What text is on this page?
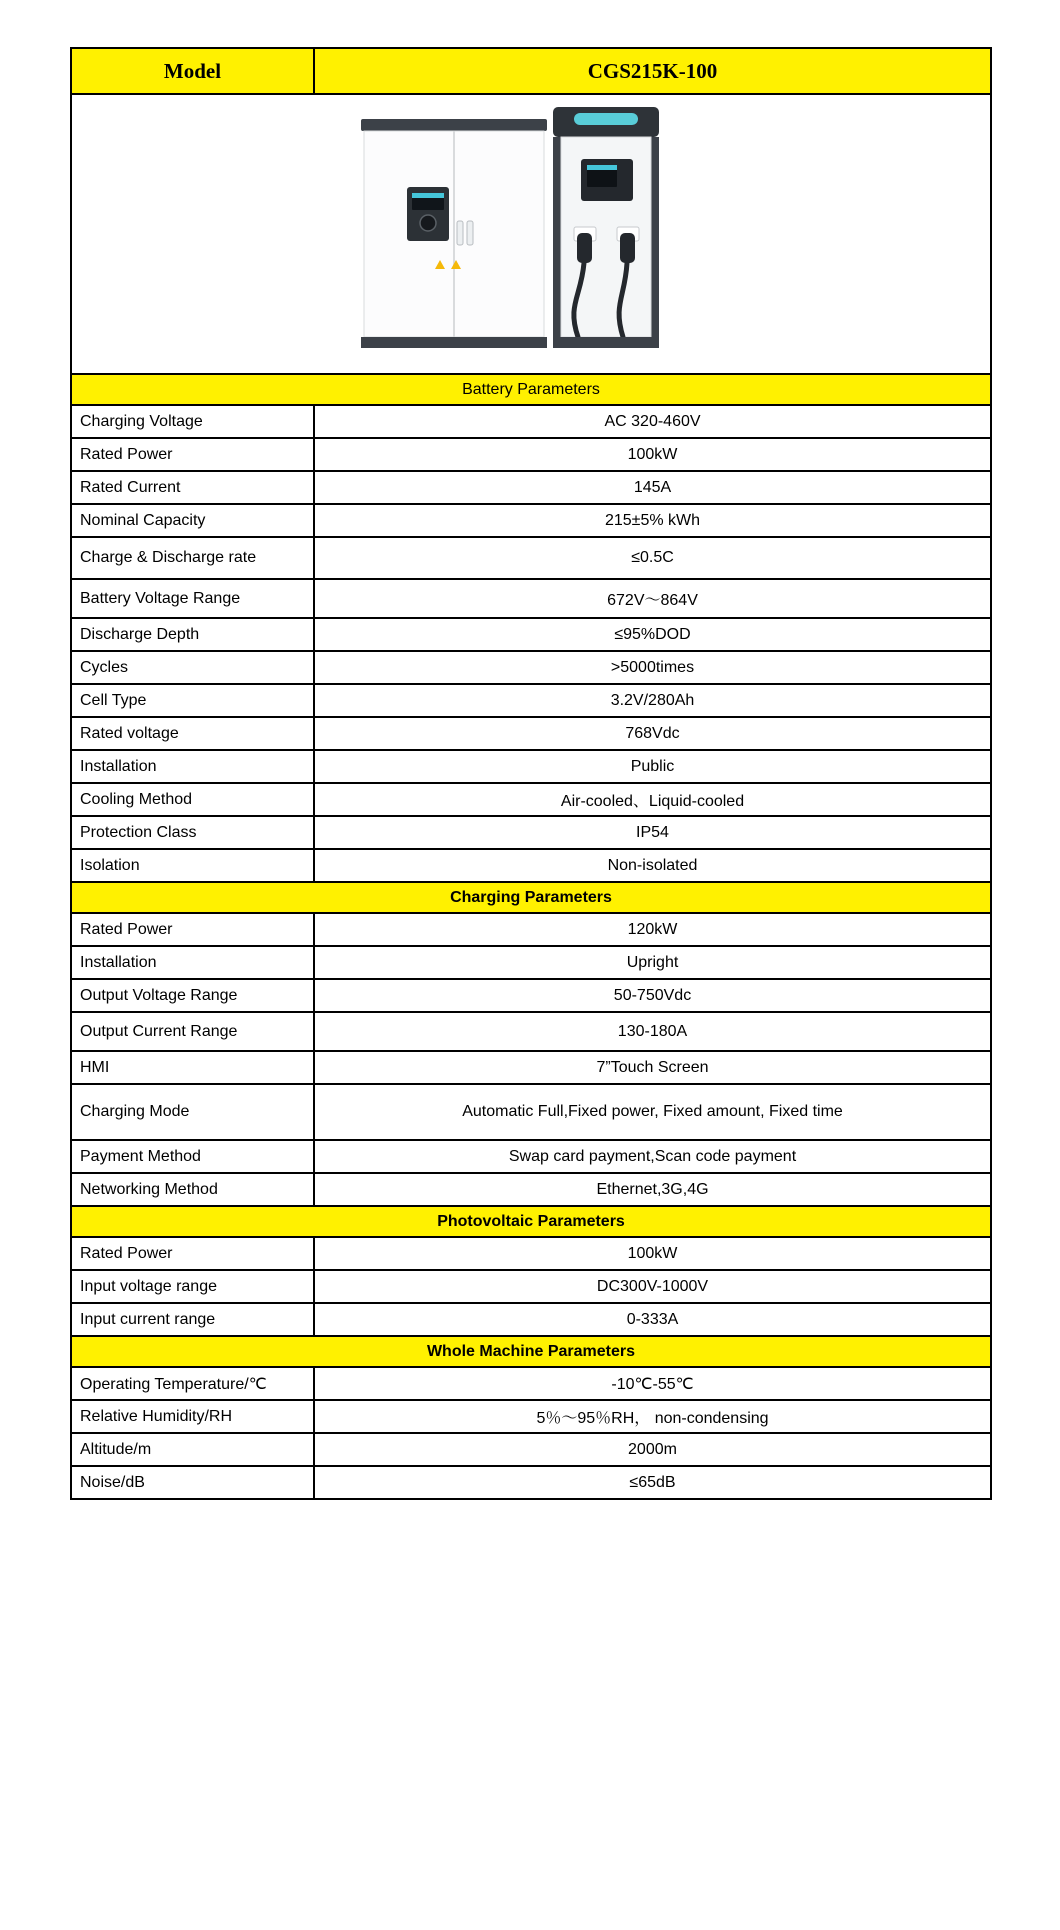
Model	CGS215K-100

Battery Parameters	
Charging Voltage	AC 320-460V
Rated Power	100kW
Rated Current	145A
Nominal Capacity	215±5% kWh
Charge & Discharge rate	≤0.5C
Battery Voltage Range	672V～864V
Discharge Depth	≤95%DOD
Cycles	>5000times
Cell Type	3.2V/280Ah
Rated voltage	768Vdc
Installation	Public
Cooling Method	Air-cooled、Liquid-cooled
Protection Class	IP54
Isolation	Non-isolated
Charging Parameters	
Rated Power	120kW
Installation	Upright
Output Voltage Range	50-750Vdc
Output Current Range	130-180A
HMI	7”Touch Screen
Charging Mode	Automatic Full,Fixed power, Fixed amount, Fixed time
Payment Method	Swap card payment,Scan code payment
Networking Method	Ethernet,3G,4G
Photovoltaic Parameters	
Rated Power	100kW
Input voltage range	DC300V-1000V
Input current range	0-333A
Whole Machine Parameters	
Operating Temperature/℃	-10℃-55℃
Relative Humidity/RH	5％～95％RH， non-condensing
Altitude/m	2000m
Noise/dB	≤65dB
